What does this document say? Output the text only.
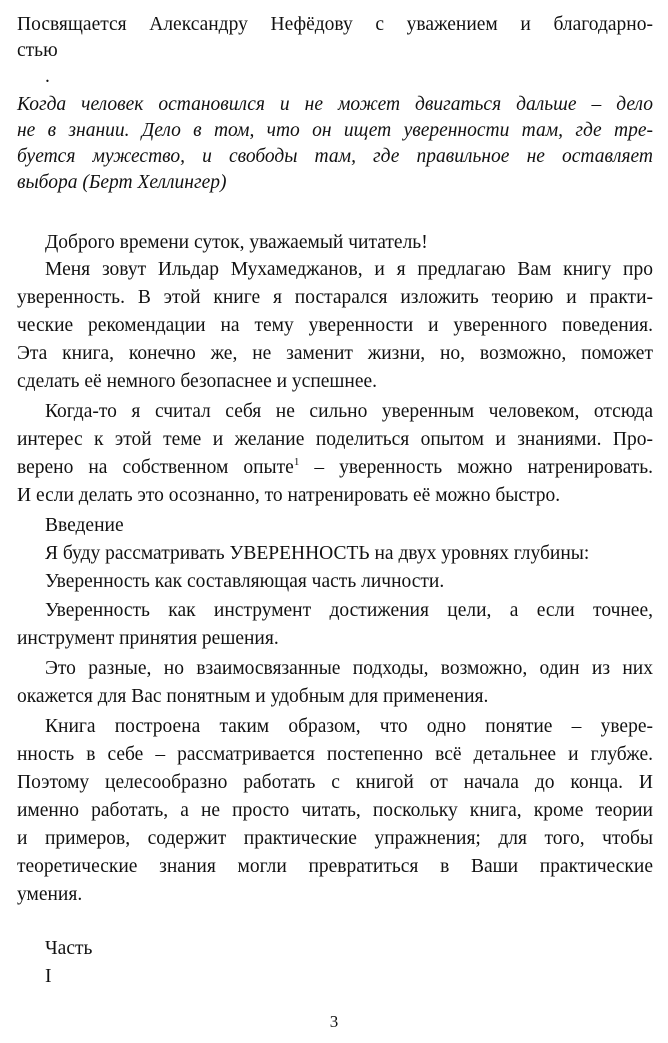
Посвящается Александру Нефёдову с уважением и благодарно-

стью

.

Когда человек остановился и не может двигаться дальше – дело

не в знании. Дело в том, что он ищет уверенности там, где тре-

буется мужество, и свободы там, где правильное не оставляет

выбора (Берт Хеллингер)

Доброго времени суток, уважаемый читатель!

Меня зовут Ильдар Мухамеджанов, и я предлагаю Вам книгу про

уверенность. В этой книге я постарался изложить теорию и практи-

ческие рекомендации на тему уверенности и уверенного поведения.

Эта книга, конечно же, не заменит жизни, но, возможно, поможет

сделать её немного безопаснее и успешнее.

Когда-то я считал себя не сильно уверенным человеком, отсюда

интерес к этой теме и желание поделиться опытом и знаниями. Про-

верено на собственном опыте$^1$ – уверенность можно натренировать.

И если делать это осознанно, то натренировать её можно быстро.

Введение

Я буду рассматривать УВЕРЕННОСТЬ на двух уровнях глубины:

Уверенность как составляющая часть личности.

Уверенность как инструмент достижения цели, а если точнее,

инструмент принятия решения.

Это разные, но взаимосвязанные подходы, возможно, один из них

окажется для Вас понятным и удобным для применения.

Книга построена таким образом, что одно понятие – увере-

нность в себе – рассматривается постепенно всё детальнее и глубже.

Поэтому целесообразно работать с книгой от начала до конца. И

именно работать, а не просто читать, поскольку книга, кроме теории

и примеров, содержит практические упражнения; для того, чтобы

теоретические знания могли превратиться в Ваши практические

умения.

Часть

I

3
